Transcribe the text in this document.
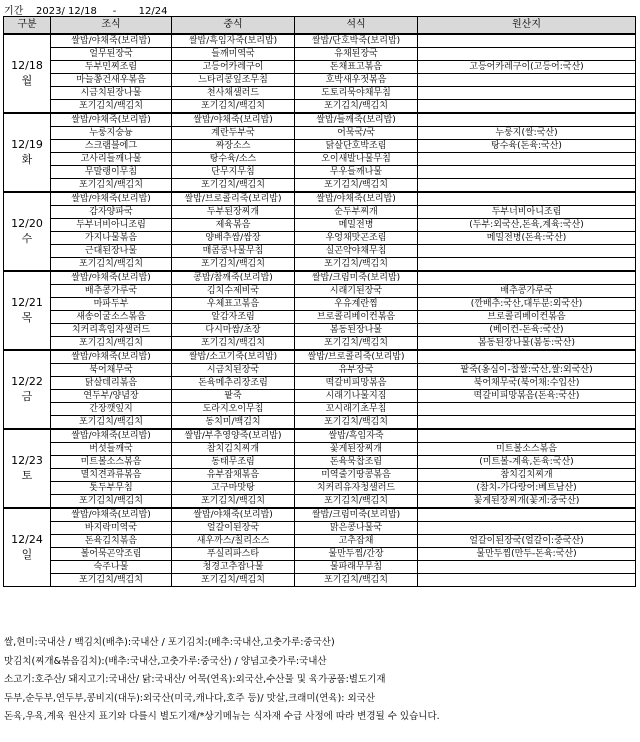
기간 2023/ 12/18 - 12/24
구분	조식	중식	석식	원산지

12/18
월	쌀밥/야채죽(보리밥)	쌀밥/흑임자죽(보리밥)	쌀밥/단호박죽(보리밥)	
	얼무된장국	들깨미역국	유채된장국	
	두부민찌조림	고등어카레구이	돈채표고볶음	고등어카레구이(고등어:국산)
	마늘쫑건새우볶음	느타리콩잎조무침	호박새우젓볶음	
	시금치된장나물	천사채샐러드	도토리묵야채무침	
	포기김치/백김치	포기김치/백김치	포기김치/백김치	

12/19
화	쌀밥/야채죽(보리밥)	쌀밥/야채죽(보리밥)	쌀밥/들깨죽(보리밥)	
	누룽지숭늉	계란두부국	어묵국/국	누룽지(쌀:국산)
	스크램블에그	짜장소스	닭살단호박조림	탕수육(돈육:국산)
	고사리들깨나물	탕수육/소스	오이새발나물무침	
	무말랭이무침	단무지무침	무우들깨나물	
	포기김치/백김치	포기김치/백김치	포기김치/백김치	

12/20
수	쌀밥/야채죽(보리밥)	쌀밥/브로콜리죽(보리밥)	쌀밥/야채죽(보리밥)	
	감자양파국	두부된장찌개	순두부찌개	두부너비아니조림
	두부너비아니조림	제육볶음	메밀전병	(두부:외국산,돈육,계육:국산)
	가지나물볶음	양배추쌈/쌈장	우엉채맛곤조림	메밀전병(돈육:국산)
	근대된장나물	매콤콩나물무침	실곤약야채무침	
	포기김치/백김치	포기김치/백김치	포기김치/백김치	

12/21
목	쌀밥/야채죽(보리밥)	콩밥/참깨죽(보리밥)	쌀밥/크림미죽(보리밥)	
	배추콩가루국	김치수제비국	시래기된장국	배추콩가루국
	마파두부	우체표고볶음	우유계란찜	(깐배추:국산,대두분:외국산)
	새송이굴소스볶음	알감자조림	브로콜리베이컨볶음	브로콜리베이컨볶음
	치커리흑임자샐러드	다시마쌈/초장	봄동된장나물	(베이컨-돈육:국산)
	포기김치/백김치	포기김치/백김치	포기김치/백김치	봄동된장나물(봄동:국산)

12/22
금	쌀밥/야채죽(보리밥)	쌀밥/소고기죽(보리밥)	쌀밥/브로콜리죽(보리밥)	
	북어채무국	시금치된장국	유부장국	팥죽(옹심이-찹쌀:국산,쌀:외국산)
	닭살데리볶음	돈육메추리장조림	떡갈비피망볶음	북어채무국(북어채:수입산)
	연두부/양념장	팥죽	시래기나물지짐	떡갈비피망볶음(돈육:국산)
	간장깻잎지	도라지오이무침	꼬시래기초무침	
	포기김치/백김치	동치미/백김치	포기김치/백김치	

12/23
토	쌀밥/야채죽(보리밥)	쌀밥/부추영양죽(보리밥)	쌀밥/흑임자죽	
	버섯들깨국	참치김치찌개	꽃게된장찌개	미트볼소스볶음
	미트볼소스볶음	동태무조림	돈육묵찹조림	(미트볼-계육,돈육:국산)
	멸치견과류볶음	유부잡채볶음	미역줄기땅콩볶음	참치김치찌개
	톳두부무침	고구마맛탕	치커리유자청샐러드	(참치-가다랑어:베트남산)
	포기김치/백김치	포기김치/백김치	포기김치/백김치	꽃게된장찌개(꽃게:중국산)

12/24
일	쌀밥/야채죽(보리밥)	쌀밥/야채죽(보리밥)	쌀밥/크림미죽(보리밥)	
	바지락미역국	얼갈이된장국	맑은콩나물국	
	돈육김치볶음	새우까스/칠리소스	고추잡채	얼갈이된장국(얼갈이:중국산)
	볼어묵곤약조림	푸실리파스타	물만두찜/간장	물만두찜(만두-돈육:국산)
	숙주나물	청경고추잡나물	물파래무무침	
	포기김치/백김치	포기김치/백김치	포기김치/백김치	
쌀,현미:국내산 / 백김치(배추):국내산 / 포기김치:(배추:국내산,고춧가루:중국산)
맛김치(찌개&볶음김치):(배추:국내산,고춧가루:중국산) / 양념고춧가루:국내산
소고기:호주산/ 돼지고기:국내산/ 닭:국내산/ 어묵(연육):외국산,수산물 및 육가공품:별도기재
두부,순두부,연두부,콩비지(대두):외국산(미국,캐나다,호주 등)/ 맛살,크래미(연육): 외국산
돈육,우육,계육 원산지 표기와 다를시 별도기재/*상기메뉴는 식자재 수급 사정에 따라 변경될 수 있습니다.
